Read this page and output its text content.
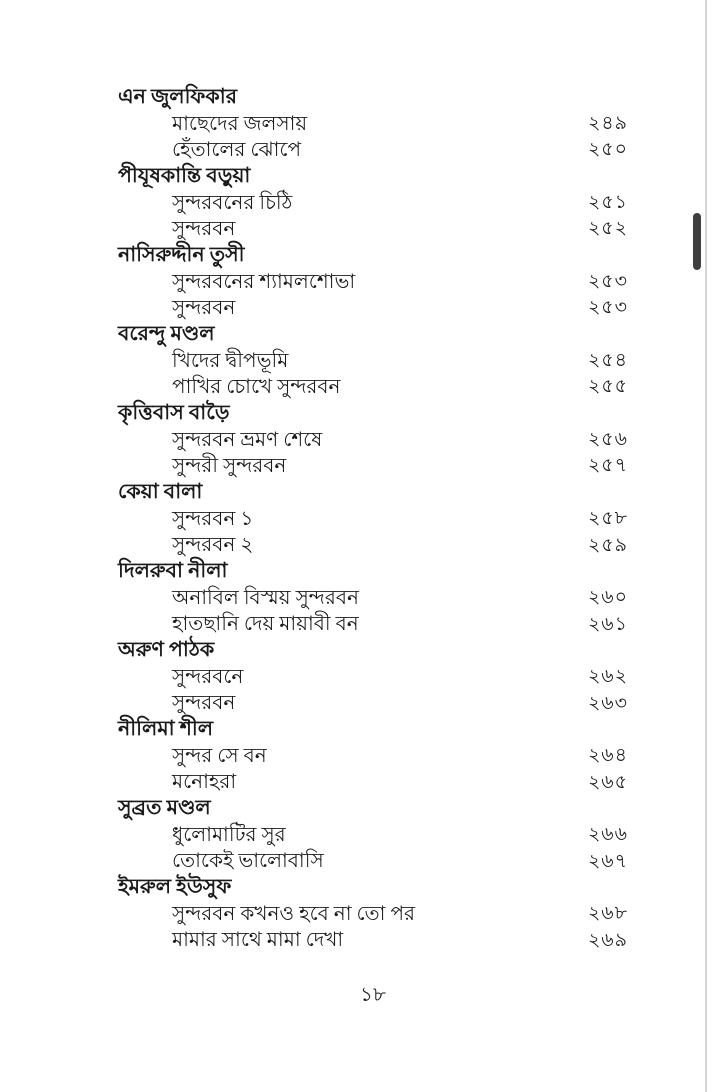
এন জুলফিকার
মাছেদের জলসায়	২৪৯
হেঁতালের ঝোপে	২৫০
পীযূষকান্তি বড়ুয়া
সুন্দরবনের চিঠি	২৫১
সুন্দরবন	২৫২
নাসিরুদ্দীন তুসী
সুন্দরবনের শ্যামলশোভা	২৫৩
সুন্দরবন	২৫৩
বরেন্দু মণ্ডল
খিদের দ্বীপভূমি	২৫৪
পাখির চোখে সুন্দরবন	২৫৫
কৃত্তিবাস বাড়ৈ
সুন্দরবন ভ্রমণ শেষে	২৫৬
সুন্দরী সুন্দরবন	২৫৭
কেয়া বালা
সুন্দরবন ১	২৫৮
সুন্দরবন ২	২৫৯
দিলরুবা নীলা
অনাবিল বিস্ময় সুন্দরবন	২৬০
হাতছানি দেয় মায়াবী বন	২৬১
অরুণ পাঠক
সুন্দরবনে	২৬২
সুন্দরবন	২৬৩
নীলিমা শীল
সুন্দর সে বন	২৬৪
মনোহরা	২৬৫
সুব্রত মণ্ডল
ধুলোমাটির সুর	২৬৬
তোকেই ভালোবাসি	২৬৭
ইমরুল ইউসুফ
সুন্দরবন কখনও হবে না তো পর	২৬৮
মামার সাথে মামা দেখা	২৬৯
১৮
